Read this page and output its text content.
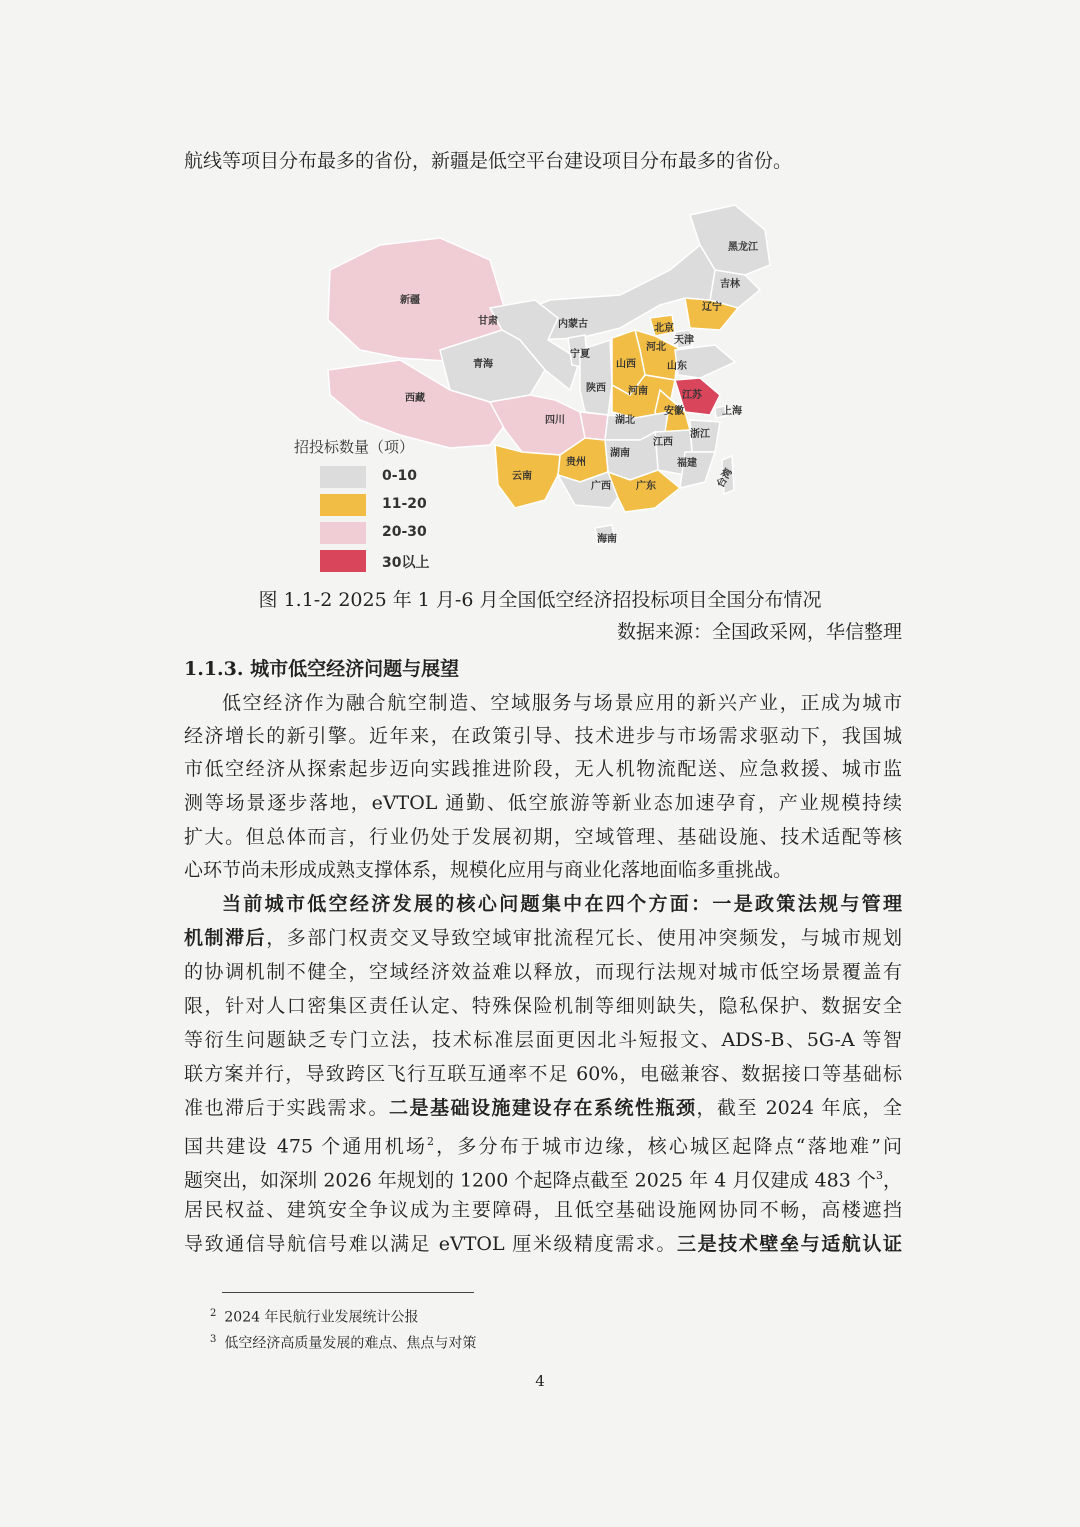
航线等项目分布最多的省份，新疆是低空平台建设项目分布最多的省份。
黑龙江
吉林
辽宁
新疆
甘肃	内蒙古	北京
天津
河北
山西	山东
宁夏
青海
陕西 河南	江苏
上海
安徽
西藏
四川	湖北
浙江
江西
湖南
贵州
云南
福建
台湾
广西	广东
海南
招投标数量（项）
0-10
11-20
20-30
30以上
图 1.1-2 2025 年 1 月-6 月全国低空经济招投标项目全国分布情况
数据来源：全国政采网，华信整理
1.1.3. 城市低空经济问题与展望
低空经济作为融合航空制造、空域服务与场景应用的新兴产业，正成为城市
经济增长的新引擎。近年来，在政策引导、技术进步与市场需求驱动下，我国城
市低空经济从探索起步迈向实践推进阶段，无人机物流配送、应急救援、城市监
测等场景逐步落地，eVTOL 通勤、低空旅游等新业态加速孕育，产业规模持续
扩大。但总体而言，行业仍处于发展初期，空域管理、基础设施、技术适配等核
心环节尚未形成成熟支撑体系，规模化应用与商业化落地面临多重挑战。
当前城市低空经济发展的核心问题集中在四个方面：一是政策法规与管理
机制滞后，多部门权责交叉导致空域审批流程冗长、使用冲突频发，与城市规划
的协调机制不健全，空域经济效益难以释放，而现行法规对城市低空场景覆盖有
限，针对人口密集区责任认定、特殊保险机制等细则缺失，隐私保护、数据安全
等衍生问题缺乏专门立法，技术标准层面更因北斗短报文、ADS-B、5G-A 等智
联方案并行，导致跨区飞行互联互通率不足 60%，电磁兼容、数据接口等基础标
准也滞后于实践需求。二是基础设施建设存在系统性瓶颈，截至 2024 年底，全
国共建设 475 个通用机场$^2$，多分布于城市边缘，核心城区起降点“落地难”问
题突出，如深圳 2026 年规划的 1200 个起降点截至 2025 年 4 月仅建成 483 个$^3$，
居民权益、建筑安全争议成为主要障碍，且低空基础设施网协同不畅，高楼遮挡
导致通信导航信号难以满足 eVTOL 厘米级精度需求。三是技术壁垒与适航认证
$^2$ 2024 年民航行业发展统计公报
$^3$ 低空经济高质量发展的难点、焦点与对策
4
